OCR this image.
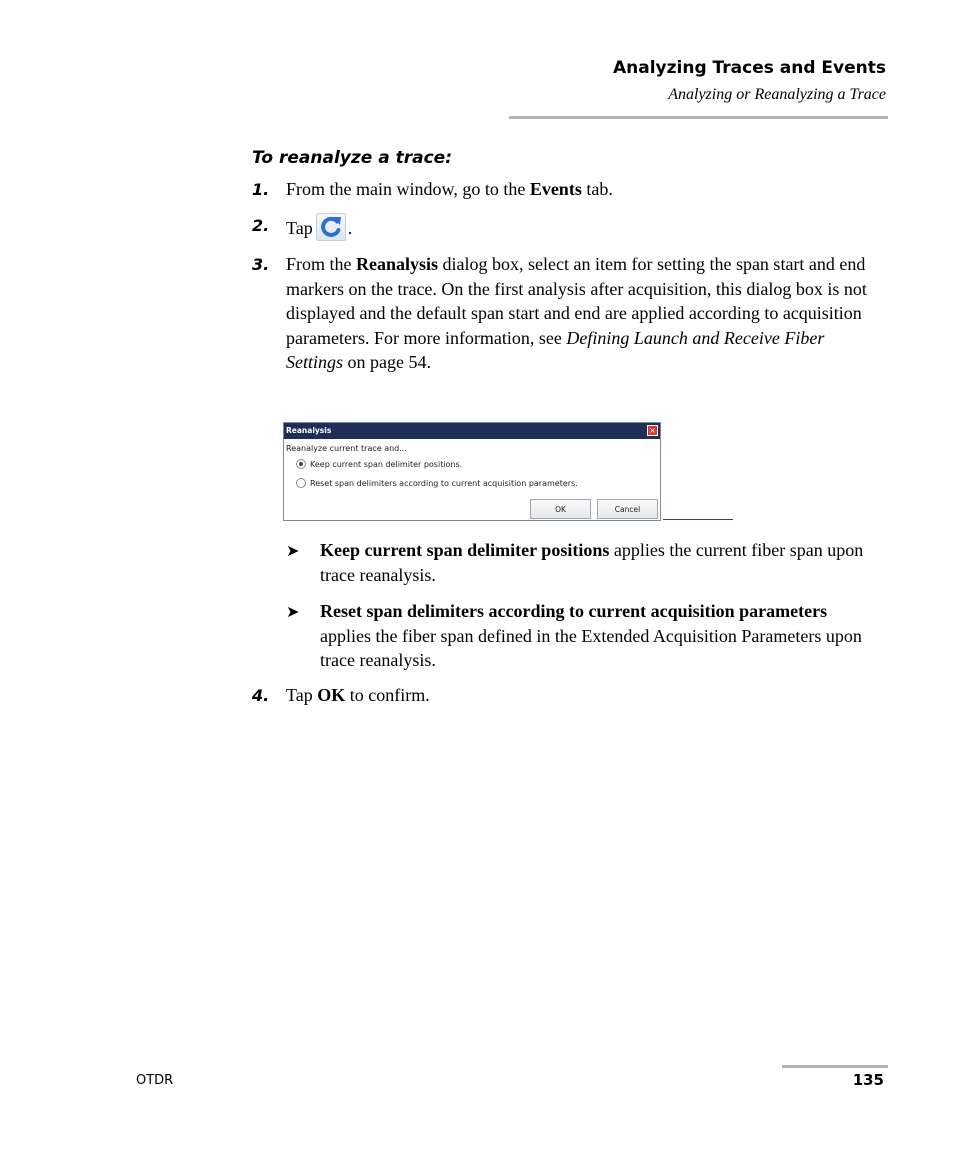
Analyzing Traces and Events
Analyzing or Reanalyzing a Trace
To reanalyze a trace:
1. From the main window, go to the Events tab.
2. Tap .
3. From the Reanalysis dialog box, select an item for setting the span start and end markers on the trace. On the first analysis after acquisition, this dialog box is not displayed and the default span start and end are applied according to acquisition parameters. For more information, see Defining Launch and Receive Fiber Settings on page 54.
Reanalysis	×
Reanalyze current trace and...
Keep current span delimiter positions.
Reset span delimiters according to current acquisition parameters.
OK	Cancel
➤ Keep current span delimiter positions applies the current fiber span upon trace reanalysis.
➤ Reset span delimiters according to current acquisition parameters applies the fiber span defined in the Extended Acquisition Parameters upon trace reanalysis.
4. Tap OK to confirm.
OTDR	135
